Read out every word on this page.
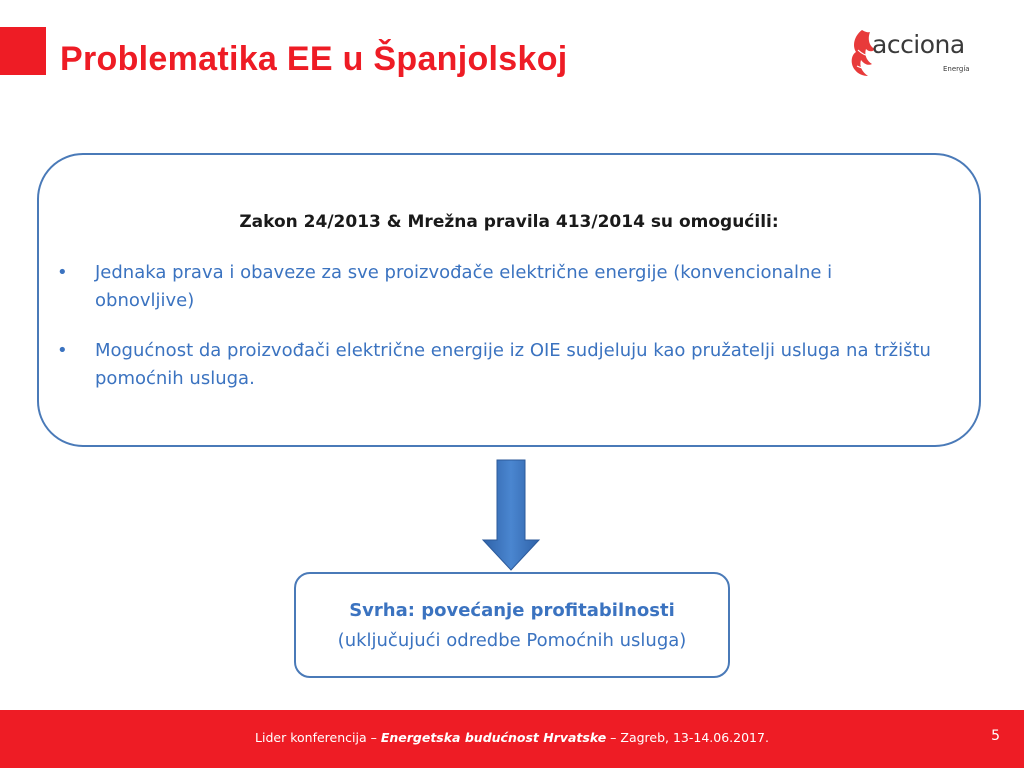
Problematika EE u Španjolskoj	acciona
Energía
Zakon 24/2013 & Mrežna pravila 413/2014 su omogućili:
• Jednaka prava i obaveze za sve proizvođače električne energije (konvencionalne i obnovljive)
• Mogućnost da proizvođači električne energije iz OIE sudjeluju kao pružatelji usluga na tržištu pomoćnih usluga.
Svrha: povećanje profitabilnosti
(uključujući odredbe Pomoćnih usluga)
Lider konferencija – Energetska budućnost Hrvatske – Zagreb, 13-14.06.2017.	5
